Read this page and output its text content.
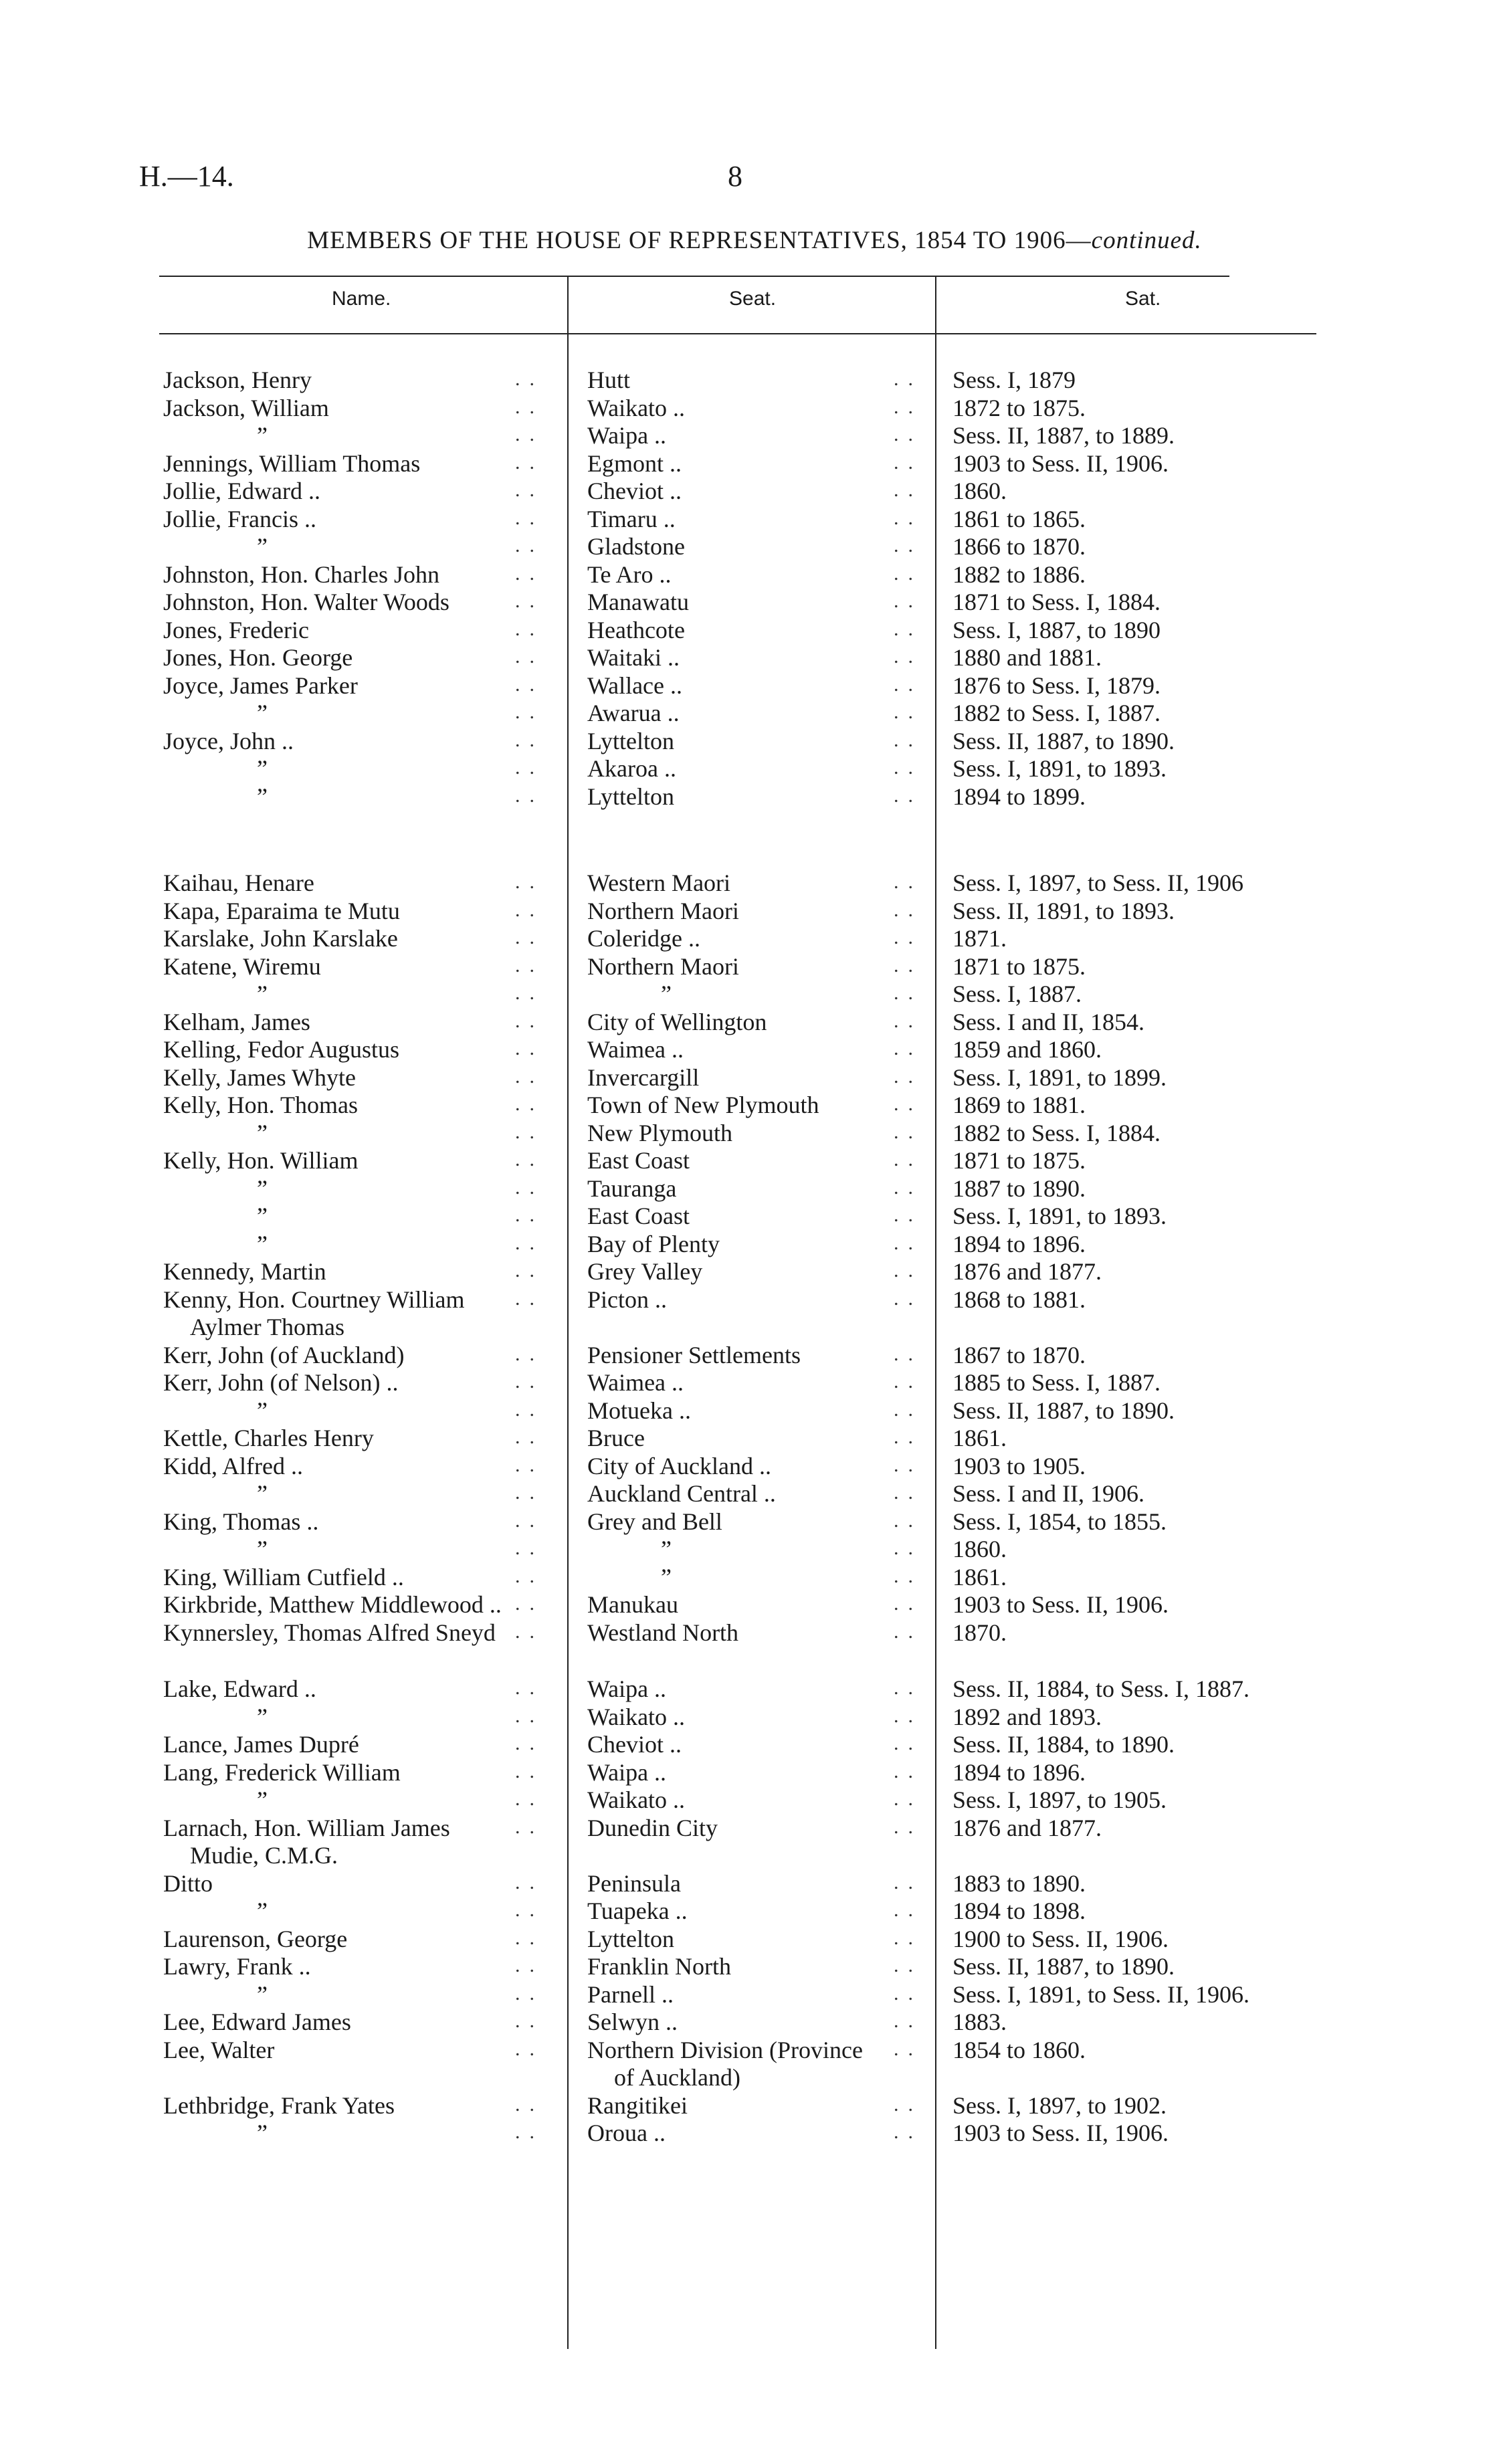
H.—14.	8
MEMBERS OF THE HOUSE OF REPRESENTATIVES, 1854 TO 1906—continued.
Name.	Seat.	Sat.
Jackson, Henry	Hutt	Sess. I, 1879
..	..
Jackson, William	Waikato ..	1872 to 1875.
..	..
”	Waipa ..	Sess. II, 1887, to 1889.
..	..
Jennings, William Thomas	Egmont ..	1903 to Sess. II, 1906.
..	..
Jollie, Edward ..	Cheviot ..	1860.
..	..
Jollie, Francis ..	Timaru ..	1861 to 1865.
..	..
”	Gladstone	1866 to 1870.
..	..
Johnston, Hon. Charles John	Te Aro ..	1882 to 1886.
..	..
Johnston, Hon. Walter Woods	Manawatu	1871 to Sess. I, 1884.
..	..
Jones, Frederic	Heathcote	Sess. I, 1887, to 1890
..	..
Jones, Hon. George	Waitaki ..	1880 and 1881.
..	..
Joyce, James Parker	Wallace ..	1876 to Sess. I, 1879.
..	..
”	Awarua ..	1882 to Sess. I, 1887.
..	..
Joyce, John ..	Lyttelton	Sess. II, 1887, to 1890.
..	..
”	Akaroa ..	Sess. I, 1891, to 1893.
..	..
”	Lyttelton	1894 to 1899.
..	..
Kaihau, Henare	Western Maori	Sess. I, 1897, to Sess. II, 1906
..	..
Kapa, Eparaima te Mutu	Northern Maori	Sess. II, 1891, to 1893.
..	..
Karslake, John Karslake	Coleridge ..	1871.
..	..
Katene, Wiremu	Northern Maori	1871 to 1875.
..	..
”	”	Sess. I, 1887.
..	..
Kelham, James	City of Wellington	Sess. I and II, 1854.
..	..
Kelling, Fedor Augustus	Waimea ..	1859 and 1860.
..	..
Kelly, James Whyte	Invercargill	Sess. I, 1891, to 1899.
..	..
Kelly, Hon. Thomas	Town of New Plymouth	1869 to 1881.
..	..
”	New Plymouth	1882 to Sess. I, 1884.
..	..
Kelly, Hon. William	East Coast	1871 to 1875.
..	..
”	Tauranga	1887 to 1890.
..	..
”	East Coast	Sess. I, 1891, to 1893.
..	..
”	Bay of Plenty	1894 to 1896.
..	..
Kennedy, Martin	Grey Valley	1876 and 1877.
..	..
Kenny, Hon. Courtney William	Picton ..	1868 to 1881.
..	..
Aylmer Thomas
Kerr, John (of Auckland)	Pensioner Settlements	1867 to 1870.
..	..
Kerr, John (of Nelson) ..	Waimea ..	1885 to Sess. I, 1887.
..	..
”	Motueka ..	Sess. II, 1887, to 1890.
..	..
Kettle, Charles Henry	Bruce	1861.
..	..
Kidd, Alfred ..	City of Auckland ..	1903 to 1905.
..	..
”	Auckland Central ..	Sess. I and II, 1906.
..	..
King, Thomas ..	Grey and Bell	Sess. I, 1854, to 1855.
..	..
”	”	1860.
..	..
King, William Cutfield ..	”	1861.
..	..
Kirkbride, Matthew Middlewood ..	Manukau	1903 to Sess. II, 1906.
..	..
Kynnersley, Thomas Alfred Sneyd	Westland North	1870.
..	..
Lake, Edward ..	Waipa ..	Sess. II, 1884, to Sess. I, 1887.
..	..
”	Waikato ..	1892 and 1893.
..	..
Lance, James Dupré	Cheviot ..	Sess. II, 1884, to 1890.
..	..
Lang, Frederick William	Waipa ..	1894 to 1896.
..	..
”	Waikato ..	Sess. I, 1897, to 1905.
..	..
Larnach, Hon. William James	Dunedin City	1876 and 1877.
..	..
Mudie, C.M.G.
Ditto	Peninsula	1883 to 1890.
..	..
”	Tuapeka ..	1894 to 1898.
..	..
Laurenson, George	Lyttelton	1900 to Sess. II, 1906.
..	..
Lawry, Frank ..	Franklin North	Sess. II, 1887, to 1890.
..	..
”	Parnell ..	Sess. I, 1891, to Sess. II, 1906.
..	..
Lee, Edward James	Selwyn ..	1883.
..	..
Lee, Walter	Northern Division (Province	1854 to 1860.
..	..
of Auckland)
Lethbridge, Frank Yates	Rangitikei	Sess. I, 1897, to 1902.
..	..
”	Oroua ..	1903 to Sess. II, 1906.
..	..
